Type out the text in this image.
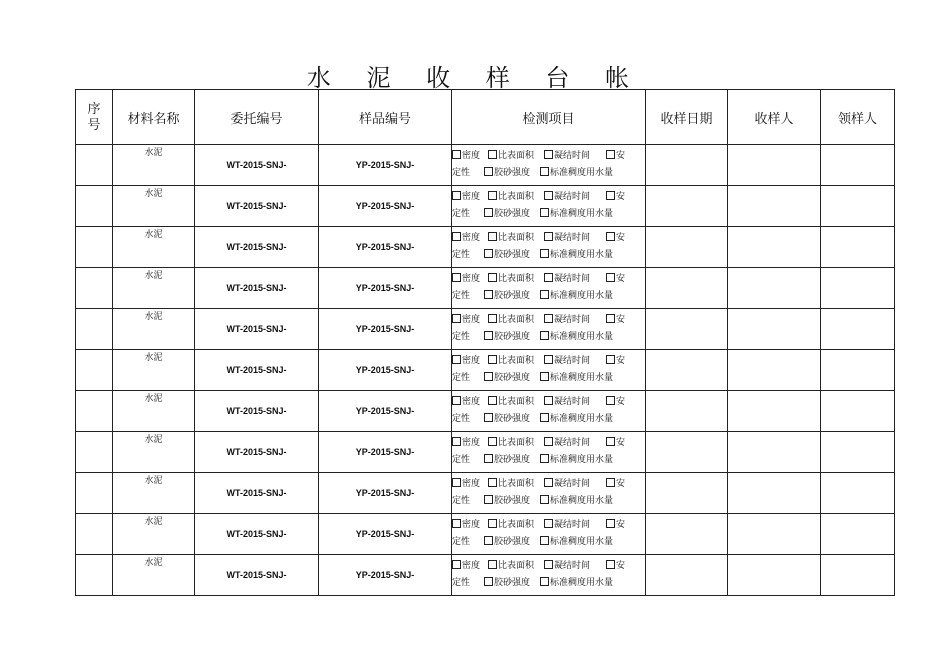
水 泥 收 样 台 帐
序
号	材料名称	委托编号	样品编号	检测项目	收样日期	收样人	领样人
	水泥	WT-2015-SNJ-	YP-2015-SNJ-	密度 比表面积 凝结时间 安
定性 胶砂强度 标准稠度用水量			

	水泥	WT-2015-SNJ-	YP-2015-SNJ-	密度 比表面积 凝结时间 安
定性 胶砂强度 标准稠度用水量			

	水泥	WT-2015-SNJ-	YP-2015-SNJ-	密度 比表面积 凝结时间 安
定性 胶砂强度 标准稠度用水量			

	水泥	WT-2015-SNJ-	YP-2015-SNJ-	密度 比表面积 凝结时间 安
定性 胶砂强度 标准稠度用水量			

	水泥	WT-2015-SNJ-	YP-2015-SNJ-	密度 比表面积 凝结时间 安
定性 胶砂强度 标准稠度用水量			

	水泥	WT-2015-SNJ-	YP-2015-SNJ-	密度 比表面积 凝结时间 安
定性 胶砂强度 标准稠度用水量			

	水泥	WT-2015-SNJ-	YP-2015-SNJ-	密度 比表面积 凝结时间 安
定性 胶砂强度 标准稠度用水量			

	水泥	WT-2015-SNJ-	YP-2015-SNJ-	密度 比表面积 凝结时间 安
定性 胶砂强度 标准稠度用水量			

	水泥	WT-2015-SNJ-	YP-2015-SNJ-	密度 比表面积 凝结时间 安
定性 胶砂强度 标准稠度用水量			

	水泥	WT-2015-SNJ-	YP-2015-SNJ-	密度 比表面积 凝结时间 安
定性 胶砂强度 标准稠度用水量			

	水泥	WT-2015-SNJ-	YP-2015-SNJ-	密度 比表面积 凝结时间 安
定性 胶砂强度 标准稠度用水量			
